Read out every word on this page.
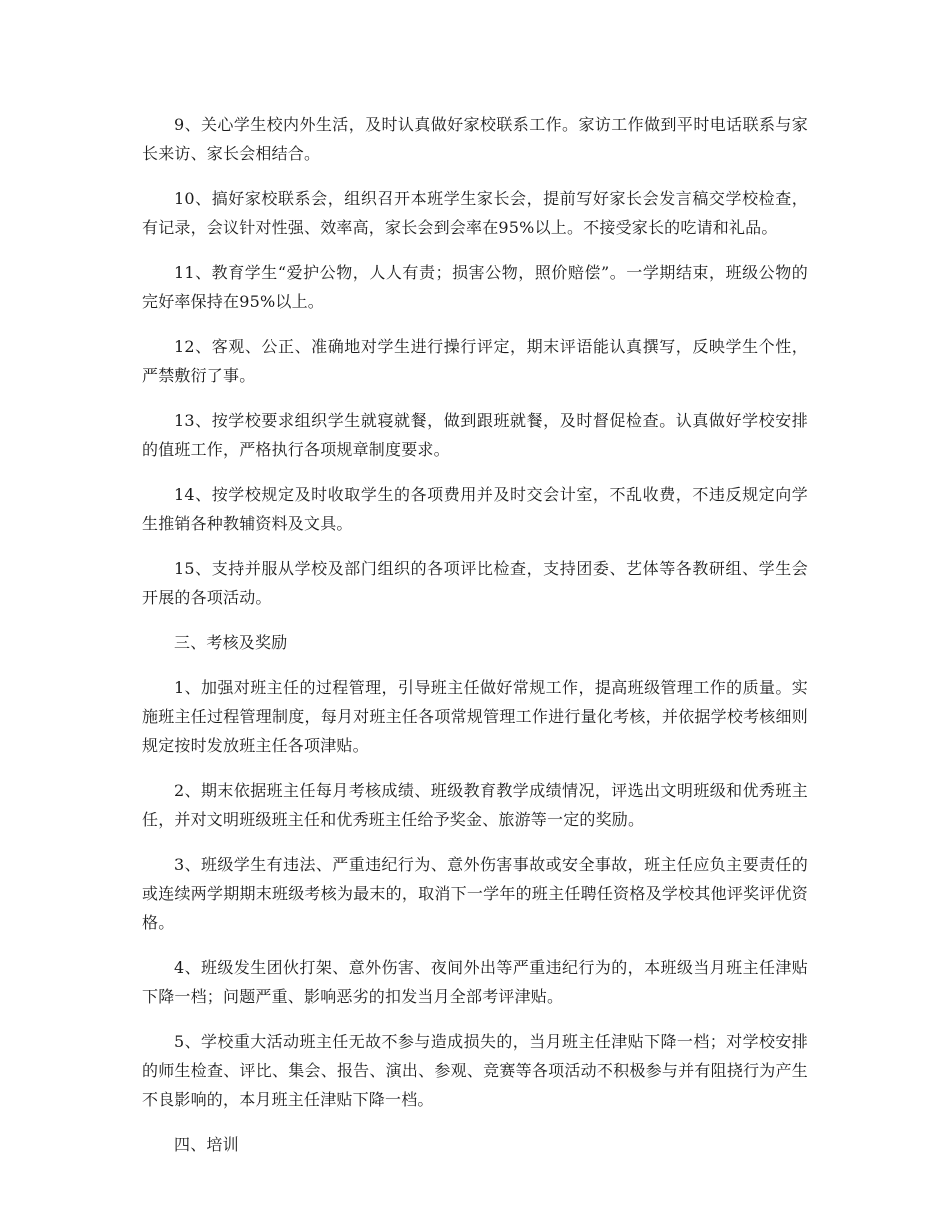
9、关心学生校内外生活，及时认真做好家校联系工作。家访工作做到平时电话联系与家长来访、家长会相结合。

10、搞好家校联系会，组织召开本班学生家长会，提前写好家长会发言稿交学校检查，有记录，会议针对性强、效率高，家长会到会率在95%以上。不接受家长的吃请和礼品。

11、教育学生“爱护公物，人人有责；损害公物，照价赔偿”。一学期结束，班级公物的完好率保持在95%以上。

12、客观、公正、准确地对学生进行操行评定，期末评语能认真撰写，反映学生个性，严禁敷衍了事。

13、按学校要求组织学生就寝就餐，做到跟班就餐，及时督促检查。认真做好学校安排的值班工作，严格执行各项规章制度要求。

14、按学校规定及时收取学生的各项费用并及时交会计室，不乱收费，不违反规定向学生推销各种教辅资料及文具。

15、支持并服从学校及部门组织的各项评比检查，支持团委、艺体等各教研组、学生会开展的各项活动。

三、考核及奖励

1、加强对班主任的过程管理，引导班主任做好常规工作，提高班级管理工作的质量。实施班主任过程管理制度，每月对班主任各项常规管理工作进行量化考核，并依据学校考核细则规定按时发放班主任各项津贴。

2、期末依据班主任每月考核成绩、班级教育教学成绩情况，评选出文明班级和优秀班主任，并对文明班级班主任和优秀班主任给予奖金、旅游等一定的奖励。

3、班级学生有违法、严重违纪行为、意外伤害事故或安全事故，班主任应负主要责任的或连续两学期期末班级考核为最末的，取消下一学年的班主任聘任资格及学校其他评奖评优资格。

4、班级发生团伙打架、意外伤害、夜间外出等严重违纪行为的，本班级当月班主任津贴下降一档；问题严重、影响恶劣的扣发当月全部考评津贴。

5、学校重大活动班主任无故不参与造成损失的，当月班主任津贴下降一档；对学校安排的师生检查、评比、集会、报告、演出、参观、竞赛等各项活动不积极参与并有阻挠行为产生不良影响的，本月班主任津贴下降一档。

四、培训
